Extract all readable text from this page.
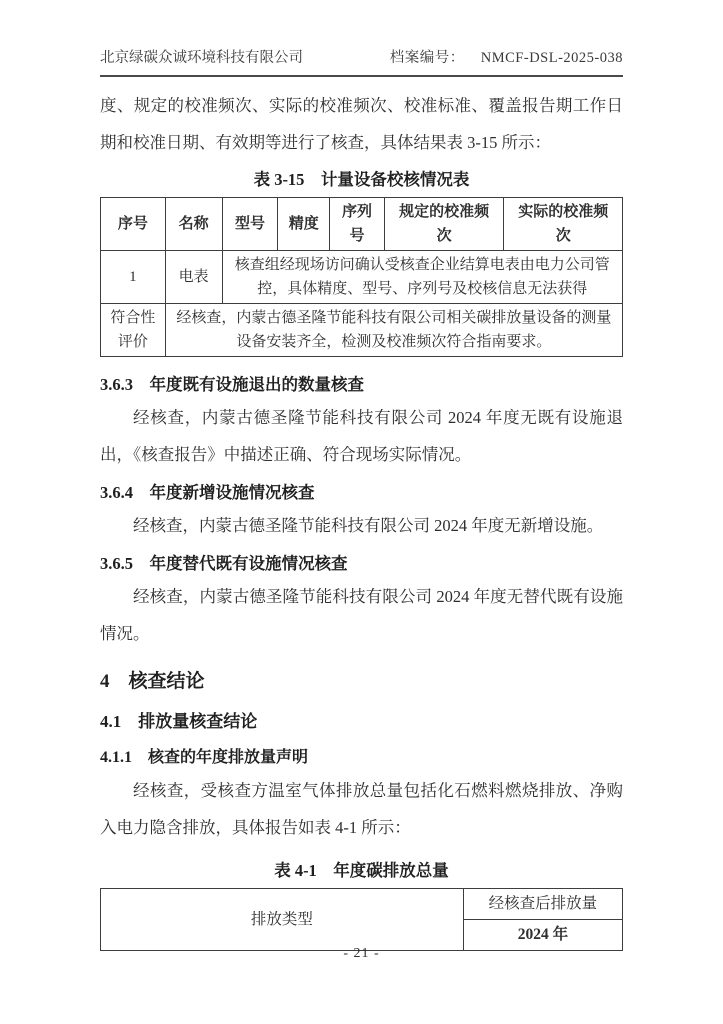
北京绿碳众诚环境科技有限公司	档案编号： NMCF-DSL-2025-038

度、规定的校准频次、实际的校准频次、校准标准、覆盖报告期工作日期和校准日期、有效期等进行了核查，具体结果表 3-15 所示：

表 3-15　计量设备校核情况表
序号	名称	型号	精度	序列号	规定的校准频次	实际的校准频次
1	电表	核查组经现场访问确认受核查企业结算电表由电力公司管控，具体精度、型号、序列号及校核信息无法获得				
符合性评价	经核查，内蒙古德圣隆节能科技有限公司相关碳排放量设备的测量设备安装齐全，检测及校准频次符合指南要求。					
3.6.3　年度既有设施退出的数量核查

经核查，内蒙古德圣隆节能科技有限公司 2024 年度无既有设施退出，《核查报告》中描述正确、符合现场实际情况。

3.6.4　年度新增设施情况核查

经核查，内蒙古德圣隆节能科技有限公司 2024 年度无新增设施。

3.6.5　年度替代既有设施情况核查

经核查，内蒙古德圣隆节能科技有限公司 2024 年度无替代既有设施情况。

4　核查结论
4.1　排放量核查结论
4.1.1　核查的年度排放量声明

经核查，受核查方温室气体排放总量包括化石燃料燃烧排放、净购入电力隐含排放，具体报告如表 4-1 所示：

表 4-1　年度碳排放总量
排放类型	经核查后排放量
2024 年
- 21 -
